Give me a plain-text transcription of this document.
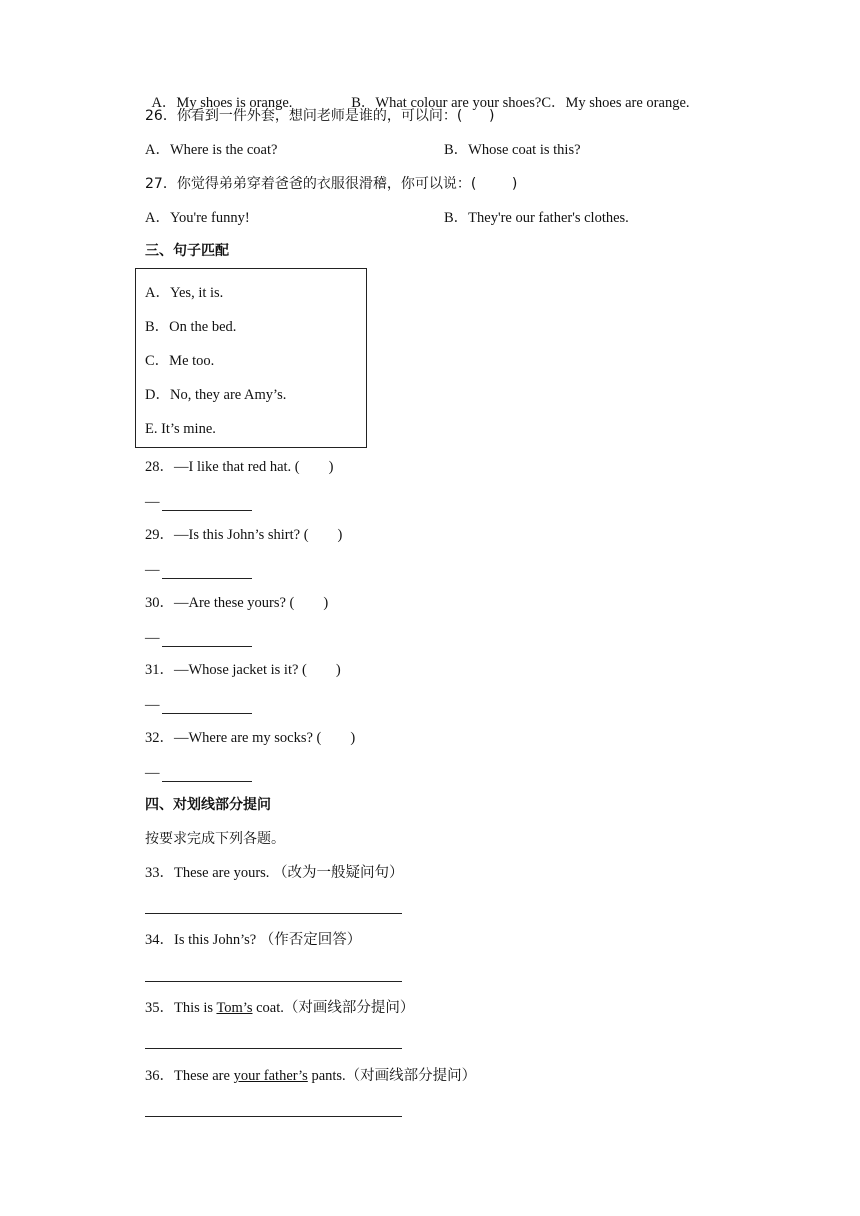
A．My shoes is orange.	B．What colour are your shoes?C．My shoes are orange.

26．你看到一件外套，想问老师是谁的，可以问：(      )
A．Where is the coat?	B．Whose coat is this?
27．你觉得弟弟穿着爸爸的衣服很滑稽，你可以说：(        )
A．You're funny!	B．They're our father's clothes.
三、句子匹配
A．Yes, it is.
B．On the bed.
C．Me too.
D．No, they are Amy’s.
E. It’s mine.
28．—I like that red hat. (        )
—
29．—Is this John’s shirt? (        )
—
30．—Are these yours? (        )
—
31．—Whose jacket is it? (        )
—
32．—Where are my socks? (        )
—
四、对划线部分提问
按要求完成下列各题。
33．These are yours. （改为一般疑问句）
34．Is this John’s? （作否定回答）
35．This is Tom’s coat.（对画线部分提问）
36．These are your father’s pants.（对画线部分提问）
